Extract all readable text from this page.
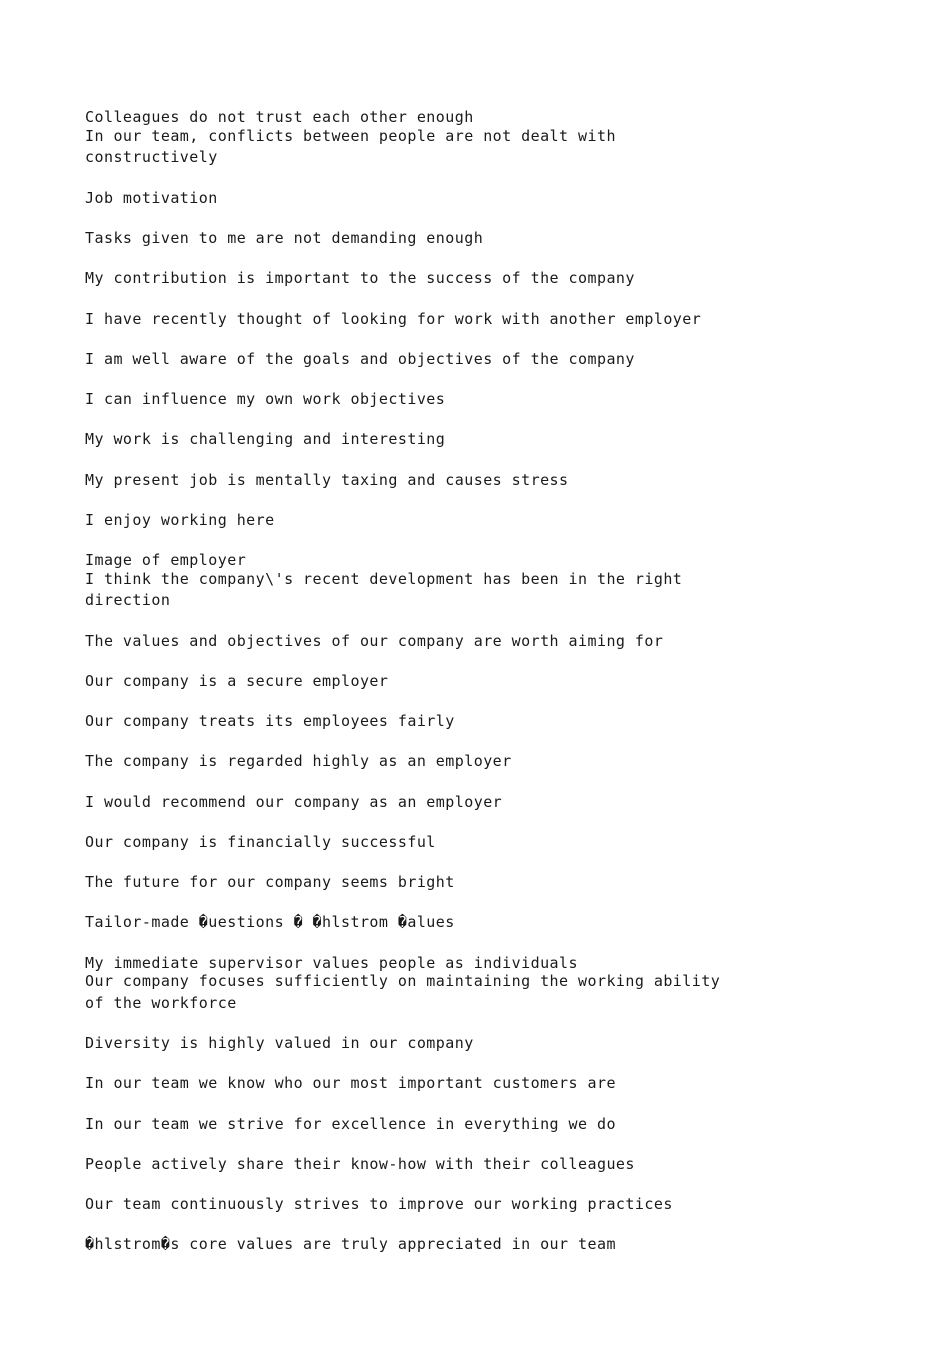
Colleagues do not trust each other enough
In our team, conflicts between people are not dealt with
constructively
Job motivation
Tasks given to me are not demanding enough
My contribution is important to the success of the company
I have recently thought of looking for work with another employer
I am well aware of the goals and objectives of the company
I can influence my own work objectives
My work is challenging and interesting
My present job is mentally taxing and causes stress
I enjoy working here
Image of employer
I think the company\'s recent development has been in the right
direction
The values and objectives of our company are worth aiming for
Our company is a secure employer
Our company treats its employees fairly
The company is regarded highly as an employer
I would recommend our company as an employer
Our company is financially successful
The future for our company seems bright
Tailor-made �uestions � �hlstrom �alues
My immediate supervisor values people as individuals
Our company focuses sufficiently on maintaining the working ability
of the workforce
Diversity is highly valued in our company
In our team we know who our most important customers are
In our team we strive for excellence in everything we do
People actively share their know-how with their colleagues
Our team continuously strives to improve our working practices
�hlstrom�s core values are truly appreciated in our team
